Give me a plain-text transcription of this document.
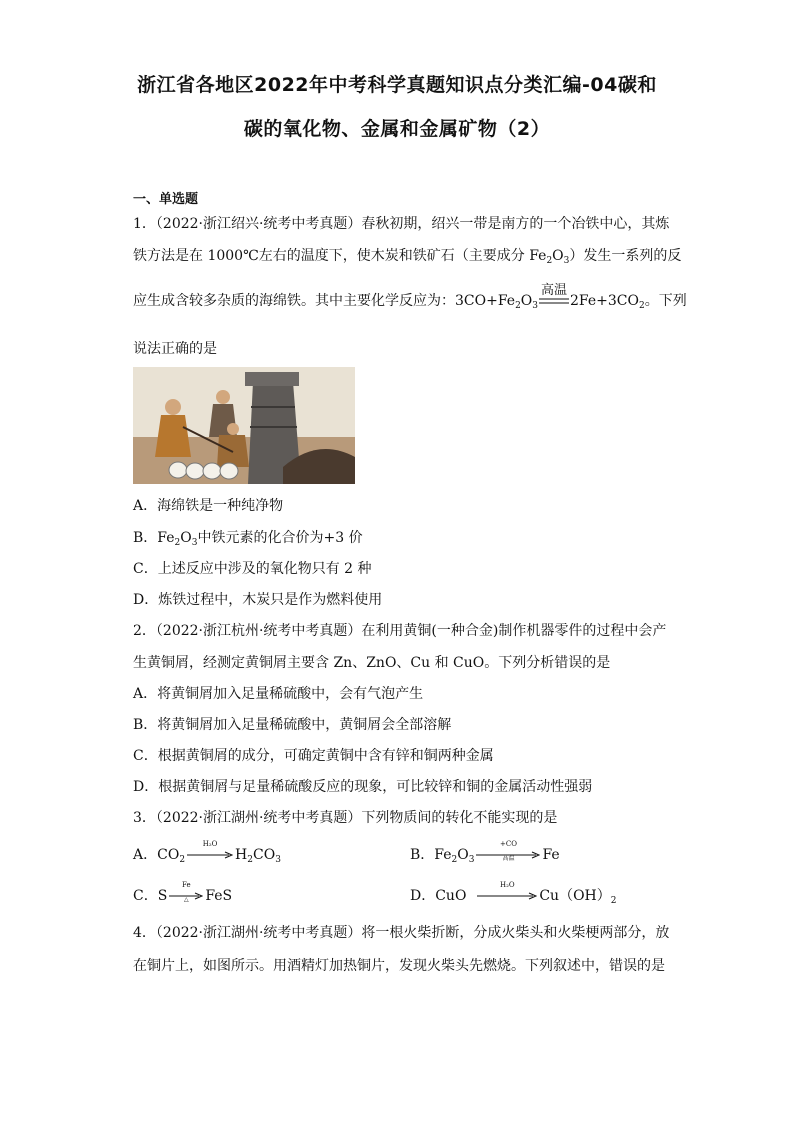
浙江省各地区2022年中考科学真题知识点分类汇编-04碳和
碳的氧化物、金属和金属矿物（2）
一、单选题
1．（2022·浙江绍兴·统考中考真题）春秋初期，绍兴一带是南方的一个冶铁中心，其炼
铁方法是在 1000℃左右的温度下，使木炭和铁矿石（主要成分 $Fe_2O_3$）发生一系列的反
应生成含较多杂质的海绵铁。其中主要化学反应为：$3CO+Fe_2O_3$
高温
$2Fe+3CO_2$。下列
说法正确的是
A．海绵铁是一种纯净物
B．$Fe_2O_3$中铁元素的化合价为+3 价
C．上述反应中涉及的氧化物只有 2 种
D．炼铁过程中，木炭只是作为燃料使用
2．（2022·浙江杭州·统考中考真题）在利用黄铜(一种合金)制作机器零件的过程中会产
生黄铜屑，经测定黄铜屑主要含 Zn、ZnO、Cu 和 CuO。下列分析错误的是
A．将黄铜屑加入足量稀硫酸中，会有气泡产生
B．将黄铜屑加入足量稀硫酸中，黄铜屑会全部溶解
C．根据黄铜屑的成分，可确定黄铜中含有锌和铜两种金属
D．根据黄铜屑与足量稀硫酸反应的现象，可比较锌和铜的金属活动性强弱
3．（2022·浙江湖州·统考中考真题）下列物质间的转化不能实现的是
A．$CO_2$
H₂O
$H_2CO_3$	B．$Fe_2O_3$
+CO
高温	Fe
C．S
Fe
△	FeS	D．CuO
H₂O
$Cu(OH)_2$
4．（2022·浙江湖州·统考中考真题）将一根火柴折断，分成火柴头和火柴梗两部分，放
在铜片上，如图所示。用酒精灯加热铜片，发现火柴头先燃烧。下列叙述中，错误的是
